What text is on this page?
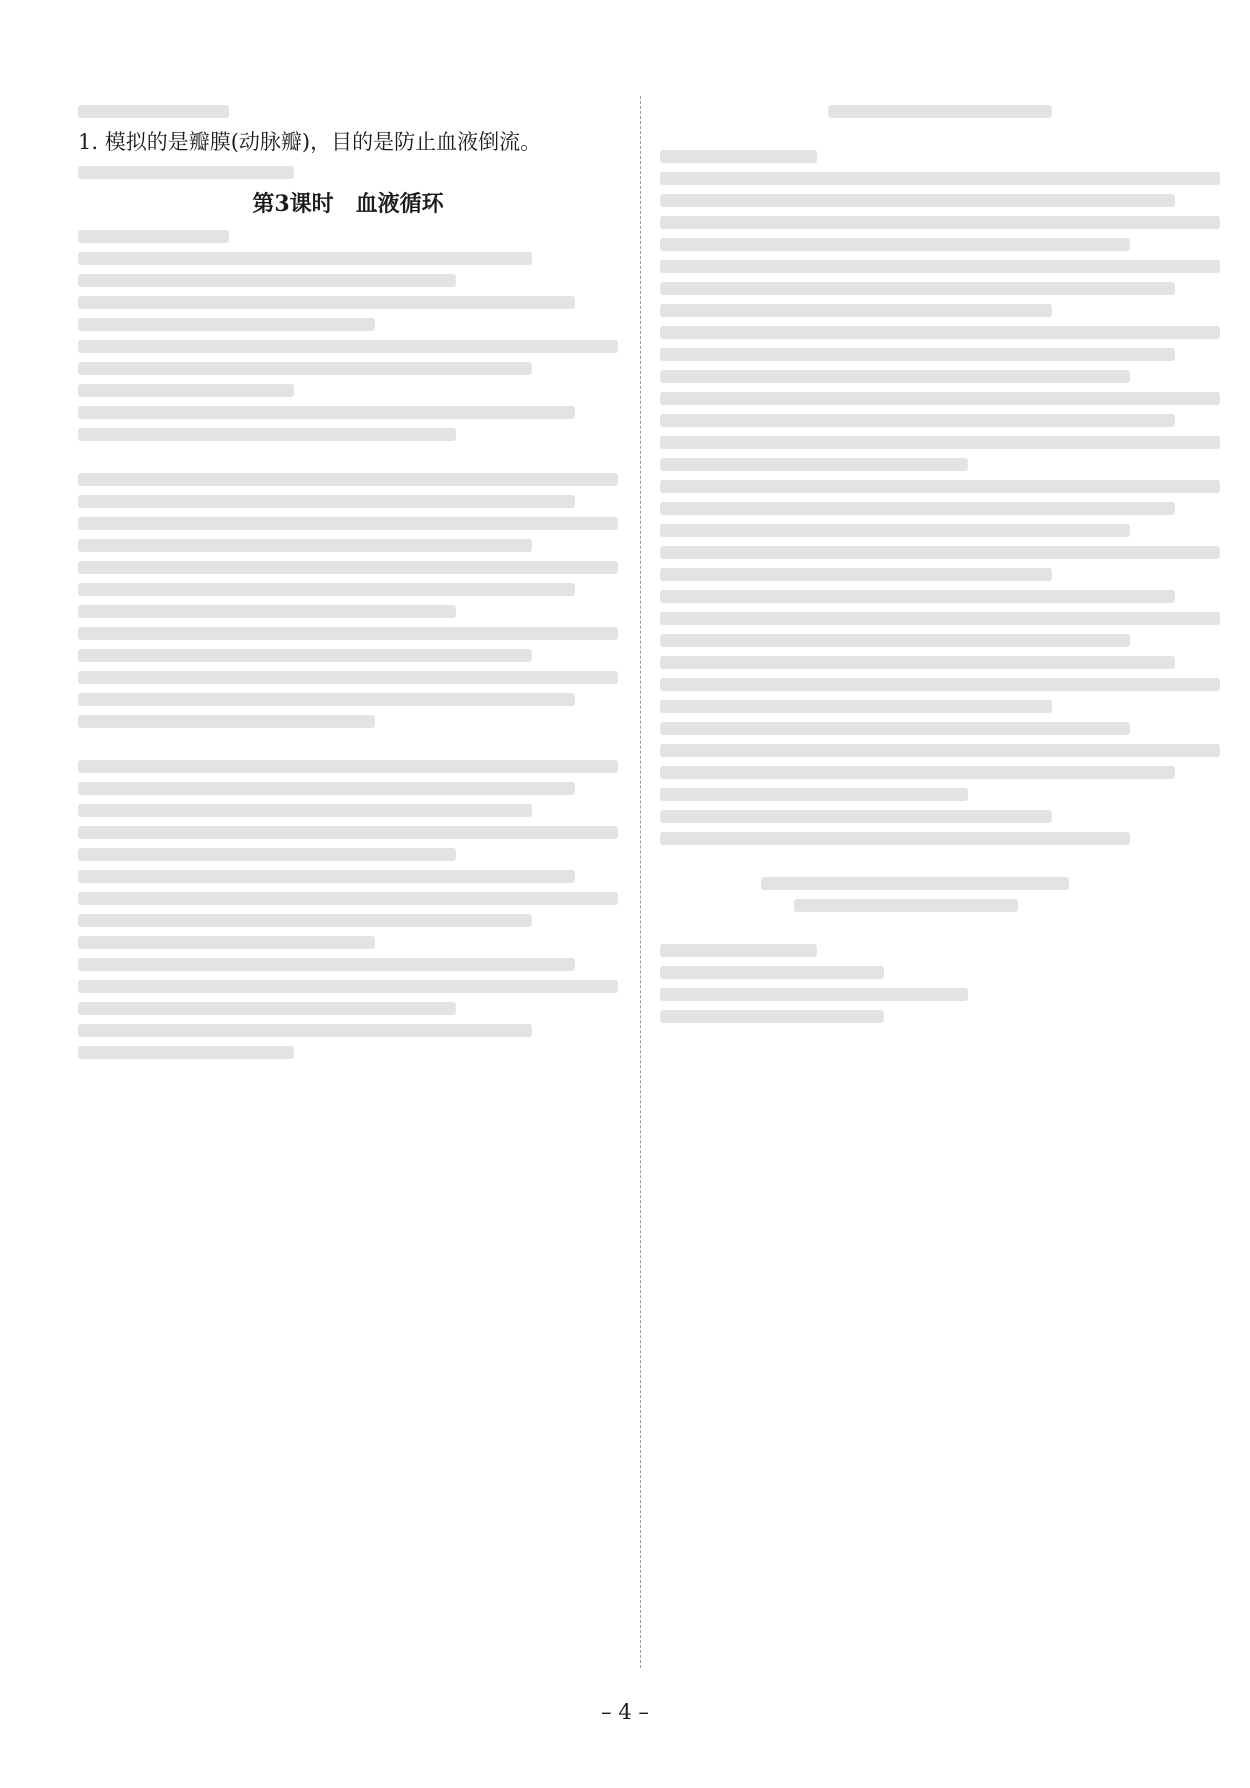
1. 模拟的是瓣膜(动脉瓣)，目的是防止血液倒流。
第3课时　血液循环
– 4 –
